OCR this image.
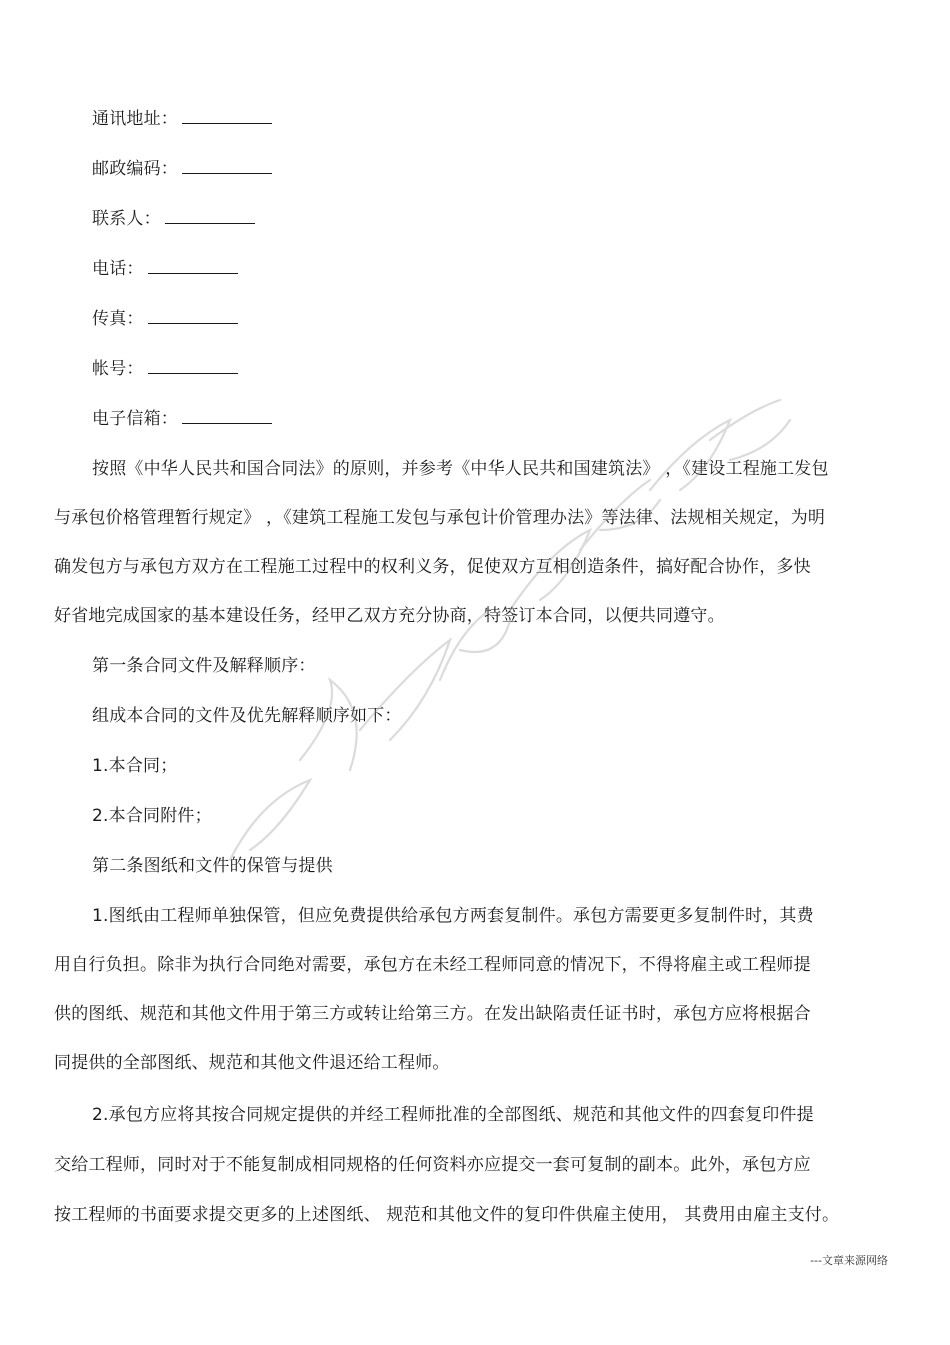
通讯地址：
邮政编码：
联系人：
电话：
传真：
帐号：
电子信箱：
按照《中华人民共和国合同法》的原则，并参考《中华人民共和国建筑法》 ，《建设工程施工发包
与承包价格管理暂行规定》 ，《建筑工程施工发包与承包计价管理办法》等法律、法规相关规定，为明
确发包方与承包方双方在工程施工过程中的权利义务，促使双方互相创造条件，搞好配合协作，多快
好省地完成国家的基本建设任务，经甲乙双方充分协商，特签订本合同，以便共同遵守。
第一条合同文件及解释顺序：
组成本合同的文件及优先解释顺序如下：
1.本合同；
2.本合同附件；
第二条图纸和文件的保管与提供
1.图纸由工程师单独保管，但应免费提供给承包方两套复制件。承包方需要更多复制件时，其费
用自行负担。除非为执行合同绝对需要，承包方在未经工程师同意的情况下，不得将雇主或工程师提
供的图纸、规范和其他文件用于第三方或转让给第三方。在发出缺陷责任证书时，承包方应将根据合
同提供的全部图纸、规范和其他文件退还给工程师。
2.承包方应将其按合同规定提供的并经工程师批准的全部图纸、规范和其他文件的四套复印件提
交给工程师，同时对于不能复制成相同规格的任何资料亦应提交一套可复制的副本。此外，承包方应
按工程师的书面要求提交更多的上述图纸、 规范和其他文件的复印件供雇主使用， 其费用由雇主支付。
---文章来源网络
